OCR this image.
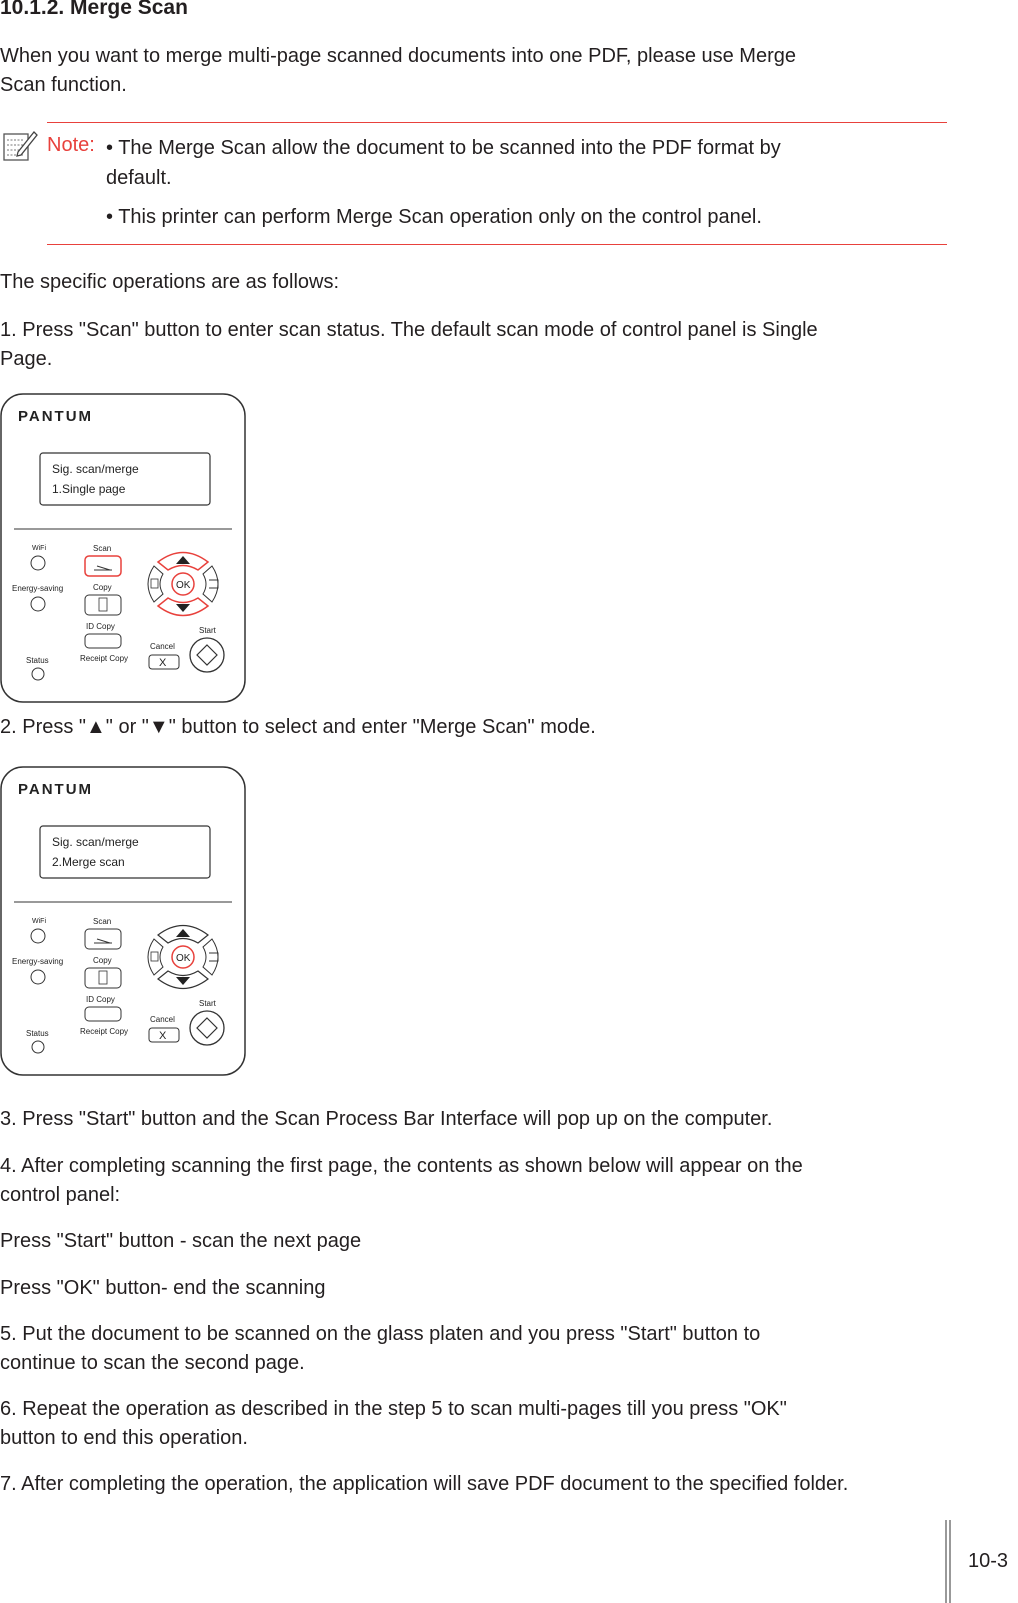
10.1.2. Merge Scan
When you want to merge multi-page scanned documents into one PDF, please use Merge
Scan function.
Note: • The Merge Scan allow the document to be scanned into the PDF format by
default.
• This printer can perform Merge Scan operation only on the control panel.
The specific operations are as follows:
1. Press "Scan" button to enter scan status. The default scan mode of control panel is Single
Page.
PANTUM
Sig. scan/merge
1.Single page
WiFi
Energy-saving
Status
Scan
Copy
ID Copy
Receipt Copy
OK
Cancel
X
Start
2. Press "▲" or "▼" button to select and enter "Merge Scan" mode.
PANTUM
Sig. scan/merge
2.Merge scan
WiFi
Energy-saving
Status
Scan
Copy
ID Copy
Receipt Copy
OK
Cancel
X
Start
3. Press "Start" button and the Scan Process Bar Interface will pop up on the computer.
4. After completing scanning the first page, the contents as shown below will appear on the
control panel:
Press "Start" button - scan the next page
Press "OK" button- end the scanning
5. Put the document to be scanned on the glass platen and you press "Start" button to
continue to scan the second page.
6. Repeat the operation as described in the step 5 to scan multi-pages till you press "OK"
button to end this operation.
7. After completing the operation, the application will save PDF document to the specified folder.
10-3
